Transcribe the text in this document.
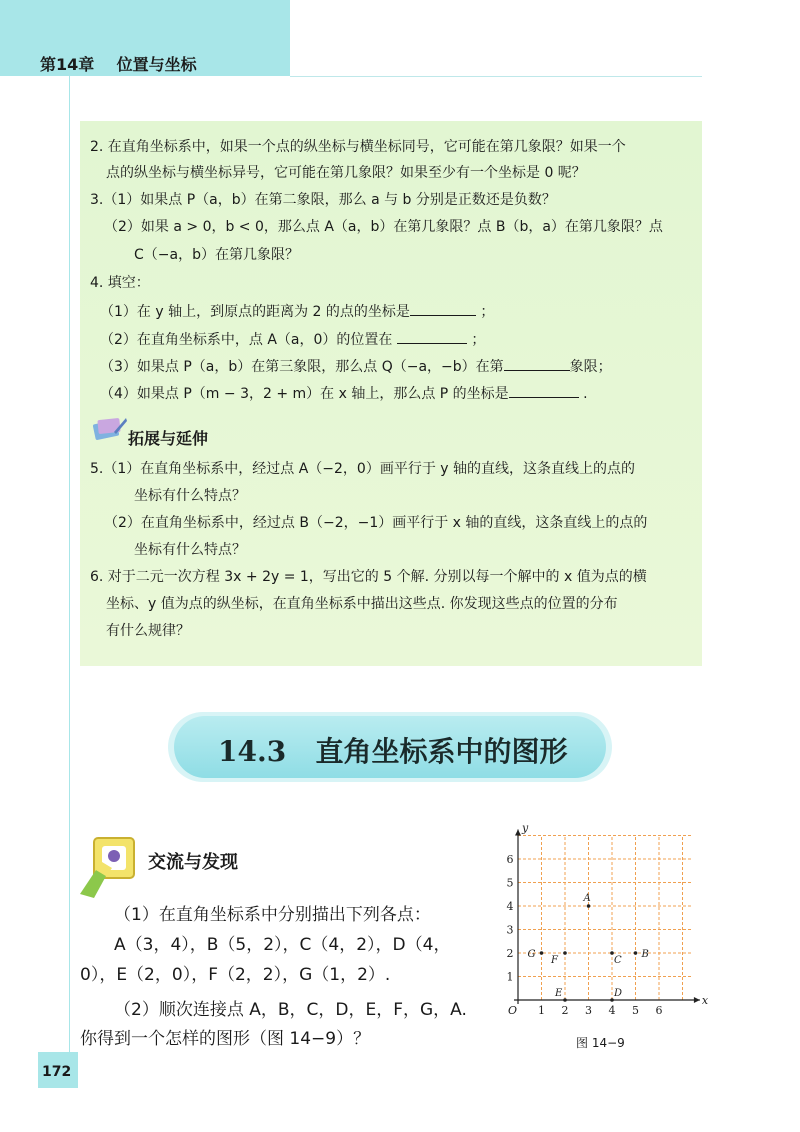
第14章 位置与坐标
2. 在直角坐标系中，如果一个点的纵坐标与横坐标同号，它可能在第几象限？如果一个
点的纵坐标与横坐标异号，它可能在第几象限？如果至少有一个坐标是 0 呢？
3.（1）如果点 P（a，b）在第二象限，那么 a 与 b 分别是正数还是负数？
（2）如果 a > 0，b < 0，那么点 A（a，b）在第几象限？点 B（b，a）在第几象限？点
C（−a，b）在第几象限？
4. 填空：
（1）在 y 轴上，到原点的距离为 2 的点的坐标是	；
（2）在直角坐标系中，点 A（a，0）的位置在	；
（3）如果点 P（a，b）在第三象限，那么点 Q（−a，−b）在第	象限；
（4）如果点 P（m − 3，2 + m）在 x 轴上，那么点 P 的坐标是	.
拓展与延伸
5.（1）在直角坐标系中，经过点 A（−2，0）画平行于 y 轴的直线，这条直线上的点的
坐标有什么特点？
（2）在直角坐标系中，经过点 B（−2，−1）画平行于 x 轴的直线，这条直线上的点的
坐标有什么特点？
6. 对于二元一次方程 3x + 2y = 1，写出它的 5 个解. 分别以每一个解中的 x 值为点的横
坐标、y 值为点的纵坐标，在直角坐标系中描出这些点. 你发现这些点的位置的分布
有什么规律？
14.3   直角坐标系中的图形
交流与发现
（1）在直角坐标系中分别描出下列各点：
A（3，4），B（5，2），C（4，2），D（4，
0），E（2，0），F（2，2），G（1，2）.
（2）顺次连接点 A，B，C，D，E，F，G，A.
你得到一个怎样的图形（图 14−9）？
1 2 3 4 5 6
1
2
3
4
5
6
O
x
y
A
B
C
D
E
F
G
图 14−9
172
